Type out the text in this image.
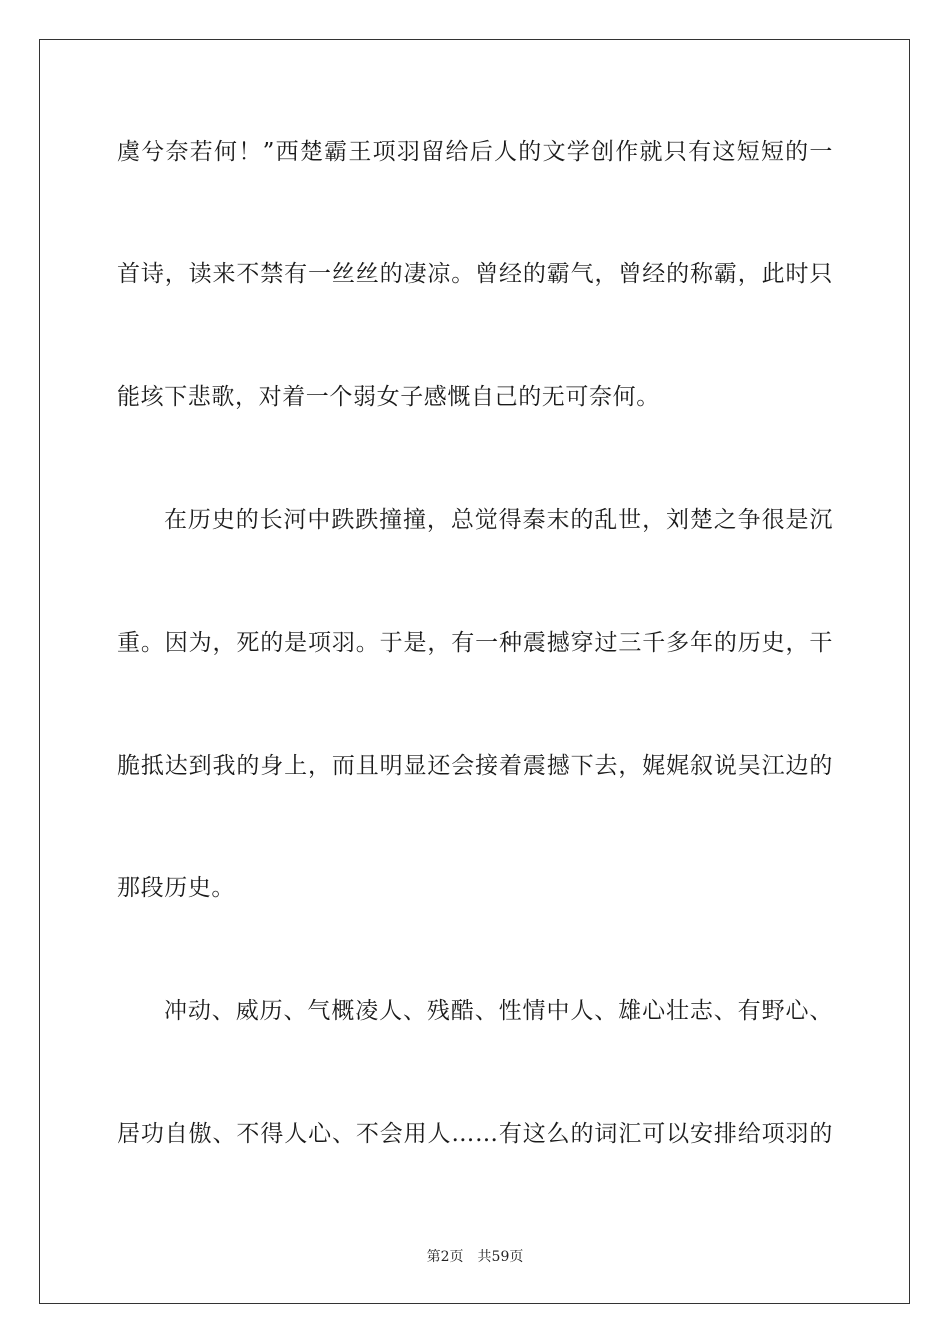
虞兮奈若何！”西楚霸王项羽留给后人的文学创作就只有这短短的一
首诗，读来不禁有一丝丝的凄凉。曾经的霸气，曾经的称霸，此时只
能垓下悲歌，对着一个弱女子感慨自己的无可奈何。
在历史的长河中跌跌撞撞，总觉得秦末的乱世，刘楚之争很是沉
重。因为，死的是项羽。于是，有一种震撼穿过三千多年的历史，干
脆抵达到我的身上，而且明显还会接着震撼下去，娓娓叙说吴江边的
那段历史。
冲动、威历、气概凌人、残酷、性情中人、雄心壮志、有野心、
居功自傲、不得人心、不会用人……有这么的词汇可以安排给项羽的
第2页 共59页
